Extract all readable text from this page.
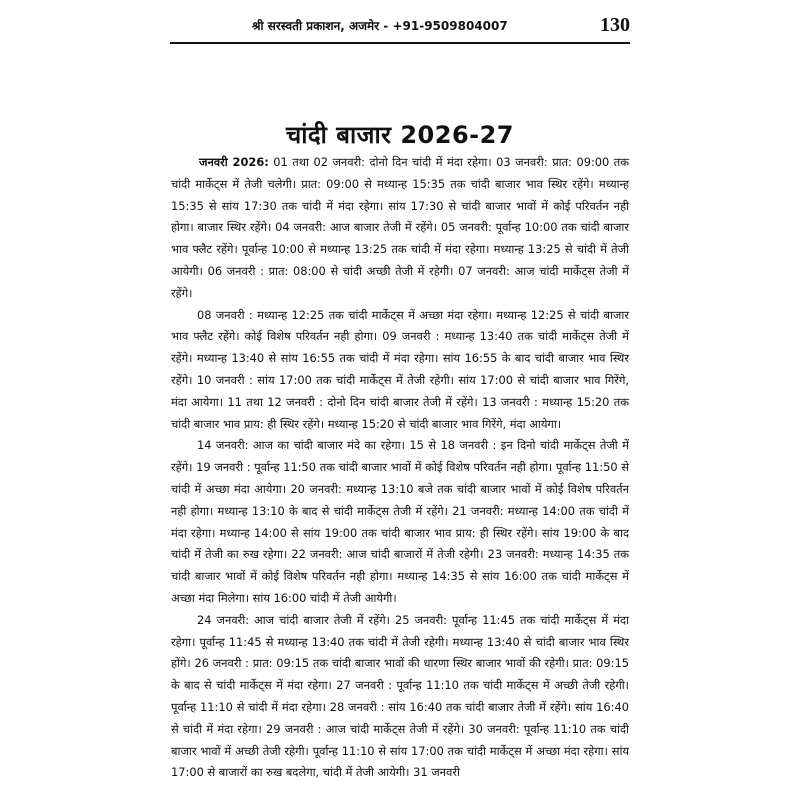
श्री सरस्वती प्रकाशन, अजमेर - +91-9509804007	130
चांदी बाजार 2026-27

जनवरी 2026: 01 तथा 02 जनवरी: दोनो दिन चांदी में मंदा रहेगा। 03 जनवरी: प्रात: 09:00 तक चांदी मार्केट्स में तेजी चलेगी। प्रात: 09:00 से मध्यान्ह 15:35 तक चांदी बाजार भाव स्थिर रहेंगे। मध्यान्ह 15:35 से सांय 17:30 तक चांदी में मंदा रहेगा। सांय 17:30 से चांदी बाजार भावों में कोई परिवर्तन नही होगा। बाजार स्थिर रहेंगे। 04 जनवरी: आज बाजार तेजी में रहेंगे। 05 जनवरी: पूर्वान्ह 10:00 तक चांदी बाजार भाव फ्लैट रहेंगे। पूर्वान्ह 10:00 से मध्यान्ह 13:25 तक चांदी में मंदा रहेगा। मध्यान्ह 13:25 से चांदी में तेजी आयेगी। 06 जनवरी : प्रात: 08:00 से चांदी अच्छी तेजी में रहेगी। 07 जनवरी: आज चांदी मार्केट्स तेजी में रहेंगे।

08 जनवरी : मध्यान्ह 12:25 तक चांदी मार्केट्स में अच्छा मंदा रहेगा। मध्यान्ह 12:25 से चांदी बाजार भाव फ्लैट रहेंगे। कोई विशेष परिवर्तन नही होगा। 09 जनवरी : मध्यान्ह 13:40 तक चांदी मार्केट्स तेजी में रहेंगे। मध्यान्ह 13:40 से सांय 16:55 तक चांदी में मंदा रहेगा। सांय 16:55 के बाद चांदी बाजार भाव स्थिर रहेंगे। 10 जनवरी : सांय 17:00 तक चांदी मार्केट्स में तेजी रहेगी। सांय 17:00 से चांदी बाजार भाव गिरेंगे, मंदा आयेगा। 11 तथा 12 जनवरी : दोनो दिन चांदी बाजार तेजी में रहेंगे। 13 जनवरी : मध्यान्ह 15:20 तक चांदी बाजार भाव प्राय: ही स्थिर रहेंगे। मध्यान्ह 15:20 से चांदी बाजार भाव गिरेंगे, मंदा आयेगा।

14 जनवरी: आज का चांदी बाजार मंदे का रहेगा। 15 से 18 जनवरी : इन दिनो चांदी मार्केट्स तेजी में रहेंगे। 19 जनवरी : पूर्वान्ह 11:50 तक चांदी बाजार भावों में कोई विशेष परिवर्तन नही होगा। पूर्वान्ह 11:50 से चांदी में अच्छा मंदा आयेगा। 20 जनवरी: मध्यान्ह 13:10 बजे तक चांदी बाजार भावों में कोई विशेष परिवर्तन नही होगा। मध्यान्ह 13:10 के बाद से चांदी मार्केट्स तेजी में रहेंगे। 21 जनवरी: मध्यान्ह 14:00 तक चांदी में मंदा रहेगा। मध्यान्ह 14:00 से सांय 19:00 तक चांदी बाजार भाव प्राय: ही स्थिर रहेंगे। सांय 19:00 के बाद चांदी में तेजी का रुख रहेगा। 22 जनवरी: आज चांदी बाजारों में तेजी रहेगी। 23 जनवरी: मध्यान्ह 14:35 तक चांदी बाजार भावों में कोई विशेष परिवर्तन नही होगा। मध्यान्ह 14:35 से सांय 16:00 तक चांदी मार्केट्स में अच्छा मंदा मिलेगा। सांय 16:00 चांदी में तेजी आयेगी।

24 जनवरी: आज चांदी बाजार तेजी में रहेंगे। 25 जनवरी: पूर्वान्ह 11:45 तक चांदी मार्केट्स में मंदा रहेगा। पूर्वान्ह 11:45 से मध्यान्ह 13:40 तक चांदी में तेजी रहेगी। मध्यान्ह 13:40 से चांदी बाजार भाव स्थिर होंगे। 26 जनवरी : प्रात: 09:15 तक चांदी बाजार भावों की धारणा स्थिर बाजार भावों की रहेगी। प्रात: 09:15 के बाद से चांदी मार्केट्स में मंदा रहेगा। 27 जनवरी : पूर्वान्ह 11:10 तक चांदी मार्केट्स में अच्छी तेजी रहेगी। पूर्वान्ह 11:10 से चांदी में मंदा रहेगा। 28 जनवरी : सांय 16:40 तक चांदी बाजार तेजी में रहेंगे। सांय 16:40 से चांदी में मंदा रहेगा। 29 जनवरी : आज चांदी मार्केट्स तेजी में रहेंगे। 30 जनवरी: पूर्वान्ह 11:10 तक चांदी बाजार भावों में अच्छी तेजी रहेगी। पूर्वान्ह 11:10 से सांय 17:00 तक चांदी मार्केट्स में अच्छा मंदा रहेगा। सांय 17:00 से बाजारों का रुख बदलेगा, चांदी में तेजी आयेगी। 31 जनवरी
